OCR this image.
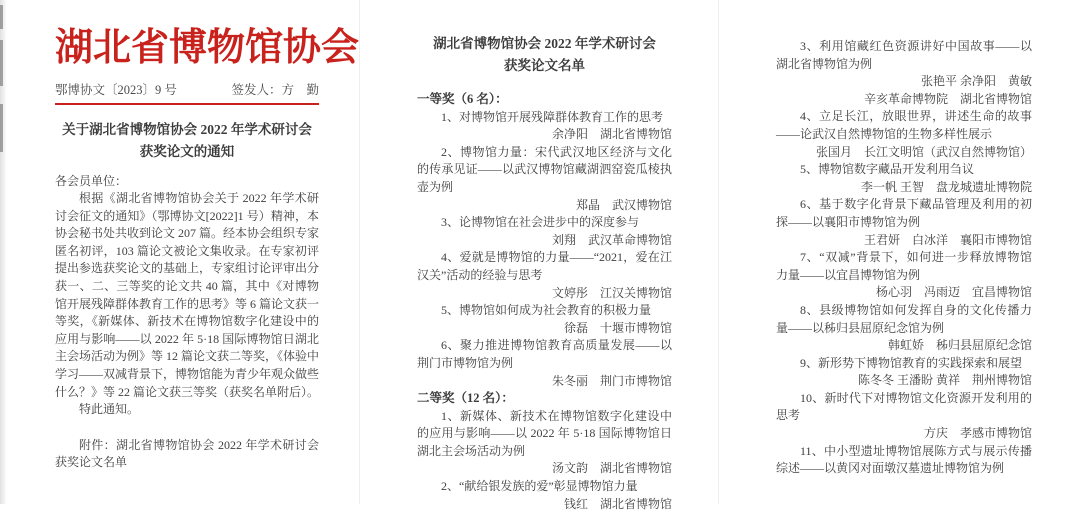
湖北省博物馆协会
鄂博协文〔2023〕9 号	签发人：方　勤
关于湖北省博物馆协会 2022 年学术研讨会
获奖论文的通知

各会员单位：

根据《湖北省博物馆协会关于 2022 年学术研讨会征文的通知》（鄂博协文[2022]1 号）精神，本协会秘书处共收到论文 207 篇。经本协会组织专家匿名初评，103 篇论文被论文集收录。在专家初评提出参选获奖论文的基础上，专家组讨论评审出分获一、二、三等奖的论文共 40 篇，其中《对博物馆开展残障群体教育工作的思考》等 6 篇论文获一等奖，《新媒体、新技术在博物馆数字化建设中的应用与影响——以 2022 年 5·18 国际博物馆日湖北主会场活动为例》等 12 篇论文获二等奖，《体验中学习——双减背景下，博物馆能为青少年观众做些什么？》等 22 篇论文获三等奖（获奖名单附后）。

特此通知。

附件：湖北省博物馆协会 2022 年学术研讨会获奖论文名单

湖北省博物馆协会 2022 年学术研讨会
获奖论文名单

一等奖（6 名）：

1、对博物馆开展残障群体教育工作的思考

余净阳　湖北省博物馆

2、博物馆力量：宋代武汉地区经济与文化的传承见证——以武汉博物馆藏湖泗窑瓷瓜棱执壶为例

郑晶　武汉博物馆

3、论博物馆在社会进步中的深度参与

刘翔　武汉革命博物馆

4、爱就是博物馆的力量——“2021，爱在江汉关”活动的经验与思考

文婷彤　江汉关博物馆

5、博物馆如何成为社会教育的积极力量

徐磊　十堰市博物馆

6、聚力推进博物馆教育高质量发展——以荆门市博物馆为例

朱冬丽　荆门市博物馆

二等奖（12 名）：

1、新媒体、新技术在博物馆数字化建设中的应用与影响——以 2022 年 5·18 国际博物馆日湖北主会场活动为例

汤文韵　湖北省博物馆

2、“献给银发族的爱”彰显博物馆力量

钱红　湖北省博物馆

3、利用馆藏红色资源讲好中国故事——以湖北省博物馆为例

张艳平 余净阳　黄敏

辛亥革命博物院　湖北省博物馆

4、立足长江，放眼世界，讲述生命的故事——论武汉自然博物馆的生物多样性展示

张国月　长江文明馆（武汉自然博物馆）

5、博物馆数字藏品开发利用刍议

李一帆 王智　盘龙城遗址博物院

6、基于数字化背景下藏品管理及利用的初探——以襄阳市博物馆为例

王君妍　白冰洋　襄阳市博物馆

7、“双减”背景下，如何进一步释放博物馆力量——以宜昌博物馆为例

杨心羽　冯雨迈　宜昌博物馆

8、县级博物馆如何发挥自身的文化传播力量——以秭归县屈原纪念馆为例

韩虹娇　秭归县屈原纪念馆

9、新形势下博物馆教育的实践探索和展望

陈冬冬 王潘盼 黄祥　荆州博物馆

10、新时代下对博物馆文化资源开发利用的思考

方庆　孝感市博物馆

11、中小型遗址博物馆展陈方式与展示传播综述——以黄冈对面墩汉墓遗址博物馆为例
